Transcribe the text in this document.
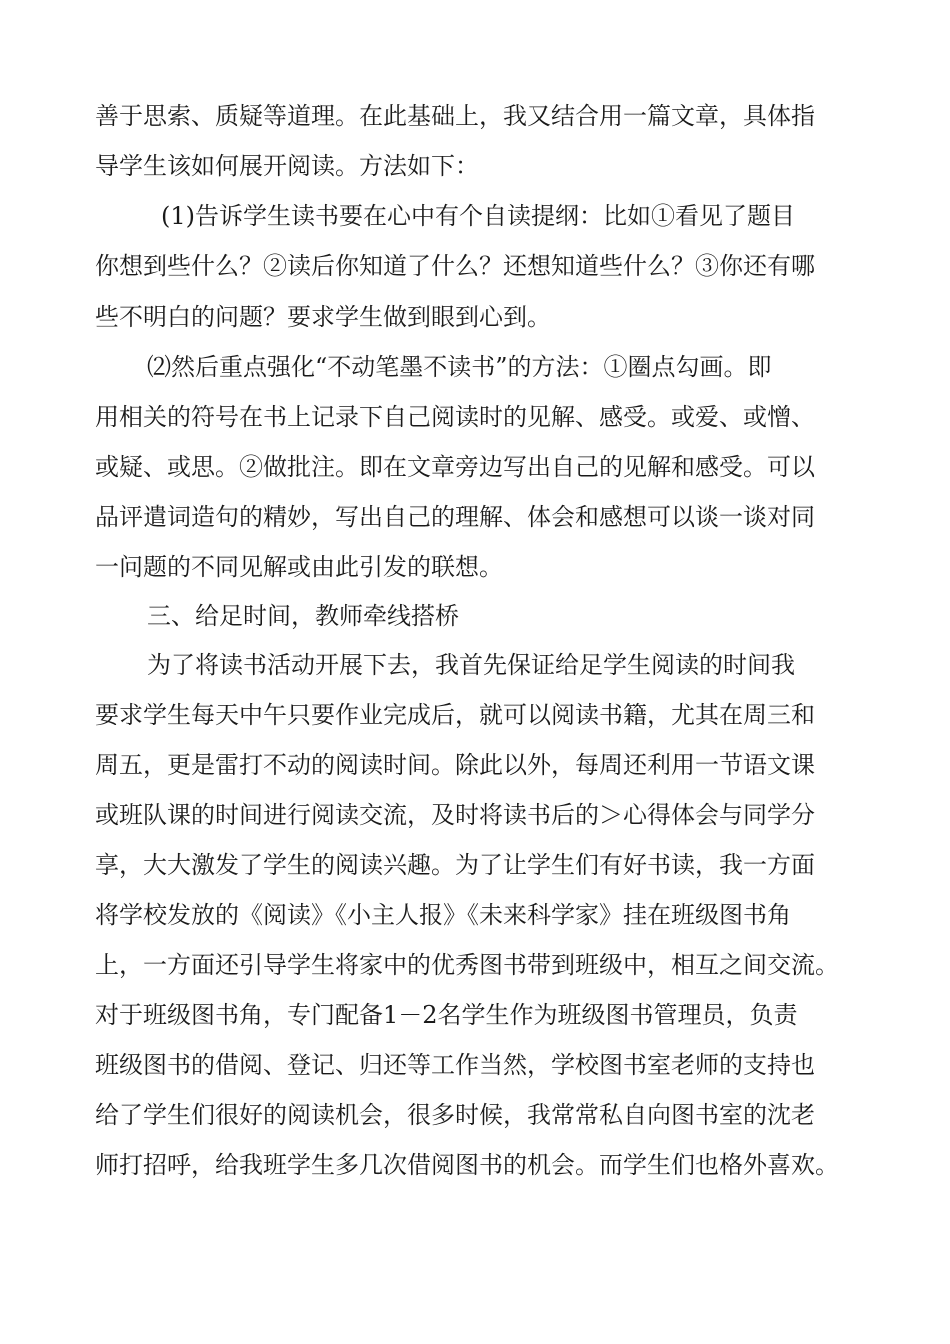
善于思索、质疑等道理。在此基础上，我又结合用一篇文章，具体指
导学生该如何展开阅读。方法如下：
(1)告诉学生读书要在心中有个自读提纲：比如①看见了题目
你想到些什么？②读后你知道了什么？还想知道些什么？③你还有哪
些不明白的问题？要求学生做到眼到心到。
⑵然后重点强化“不动笔墨不读书”的方法：①圈点勾画。即
用相关的符号在书上记录下自己阅读时的见解、感受。或爱、或憎、
或疑、或思。②做批注。即在文章旁边写出自己的见解和感受。可以
品评遣词造句的精妙，写出自己的理解、体会和感想可以谈一谈对同
一问题的不同见解或由此引发的联想。
三、给足时间，教师牵线搭桥
为了将读书活动开展下去，我首先保证给足学生阅读的时间我
要求学生每天中午只要作业完成后，就可以阅读书籍，尤其在周三和
周五，更是雷打不动的阅读时间。除此以外，每周还利用一节语文课
或班队课的时间进行阅读交流，及时将读书后的＞心得体会与同学分
享，大大激发了学生的阅读兴趣。为了让学生们有好书读，我一方面
将学校发放的《阅读》《小主人报》《未来科学家》挂在班级图书角
上，一方面还引导学生将家中的优秀图书带到班级中，相互之间交流。
对于班级图书角，专门配备1－2名学生作为班级图书管理员，负责
班级图书的借阅、登记、归还等工作当然，学校图书室老师的支持也
给了学生们很好的阅读机会，很多时候，我常常私自向图书室的沈老
师打招呼，给我班学生多几次借阅图书的机会。而学生们也格外喜欢。
